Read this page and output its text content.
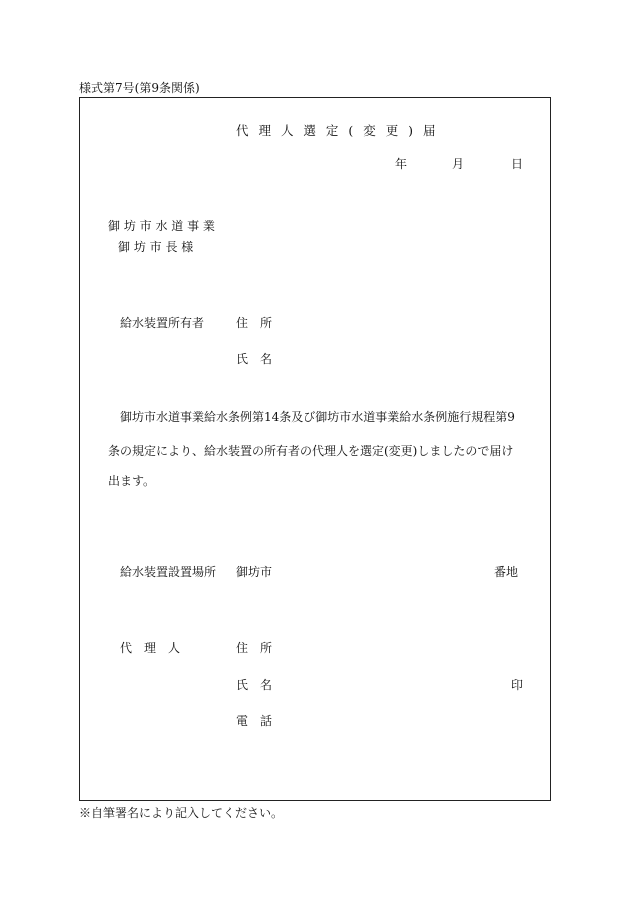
様式第7号(第9条関係)
代 理 人 選 定 ( 変 更 ) 届
年	月	日
御 坊 市 水 道 事 業
御 坊 市 長 様
給水装置所有者	住　所
氏　名
御坊市水道事業給水条例第14条及び御坊市水道事業給水条例施行規程第9
条の規定により、給水装置の所有者の代理人を選定(変更)しましたので届け
出ます。
給水装置設置場所 御坊市	番地
代　理　人	住　所
氏　名	印
電　話
※自筆署名により記入してください。
